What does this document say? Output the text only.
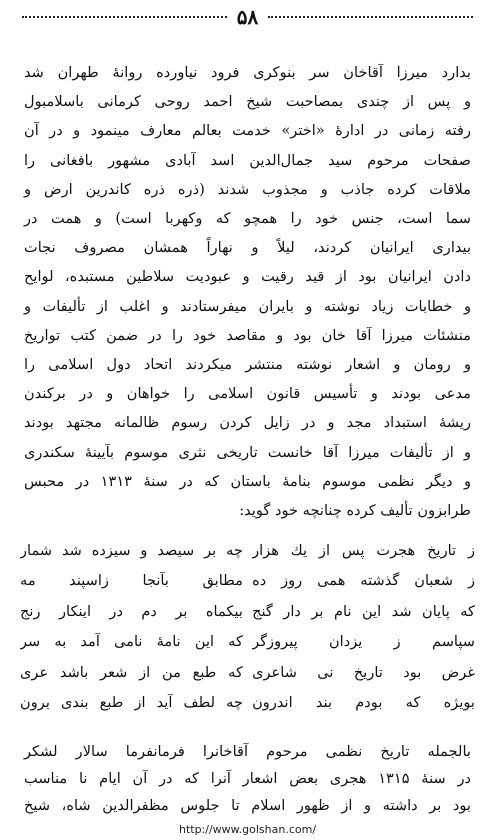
۵۸
بدارد میرزا آقاخان سر بنوکری فرود نیاورده روانهٔ طهران شد
و پس از چندی بمصاحبت شیخ احمد روحی کرمانی باسلامبول
رفته زمانی در ادارهٔ «اختر» خدمت بعالم معارف مینمود و در آن
صفحات مرحوم سید جمال‌الدین اسد آبادی مشهور بافغانی را
ملاقات کرده جاذب و مجذوب شدند (ذره ذره کاندرین ارض و
سما است، جنس خود را همچو که وکهربا است) و همت در
بیداری ایرانیان کردند، لیلاً و نهاراً همشان مصروف نجات
دادن ایرانیان بود از قید رقیت و عبودیت سلاطین مستبده، لوایح
و خطابات زیاد نوشته و بایران میفرستادند و اغلب از تألیفات و
منشئات میرزا آقا خان بود و مقاصد خود را در ضمن کتب تواریخ
و رومان و اشعار نوشته منتشر میکردند اتحاد دول اسلامی را
مدعی بودند و تأسیس قانون اسلامی را خواهان و در برکندن
ریشهٔ استبداد مجد و در زایل کردن رسوم ظالمانه مجتهد بودند
و از تألیفات میرزا آقا خانست تاریخی نثری موسوم بآیینهٔ سکندری
و دیگر نظمی موسوم بنامهٔ باستان که در سنهٔ ۱۳۱۳ در محبس
طرابزون تألیف کرده چنانچه خود گوید:
ز تاریخ هجرت پس از یك هزار
چه بر سیصد و سیزده شد شمار
ز شعبان گذشته همی روز ده
مطابق بآنجا زاسپند مه
که پایان شد این نام بر دار گنج
بیکماه بر دم در اینکار رنج
سپاسم ز یزدان پیروزگر
که این نامهٔ نامی آمد به سر
غرض بود تاریخ نی شاعری
که طبع من از شعر باشد عری
بویژه که بودم بند اندرون
چه لطف آید از طبع بندی برون
بالجمله تاریخ نظمی مرحوم آقاخانرا فرمانفرما سالار لشکر
در سنهٔ ۱۳۱۵ هجری بعض اشعار آنرا که در آن ایام نا مناسب
بود بر داشته و از ظهور اسلام تا جلوس مظفرالدین شاه، شیخ
http://www.golshan.com/
